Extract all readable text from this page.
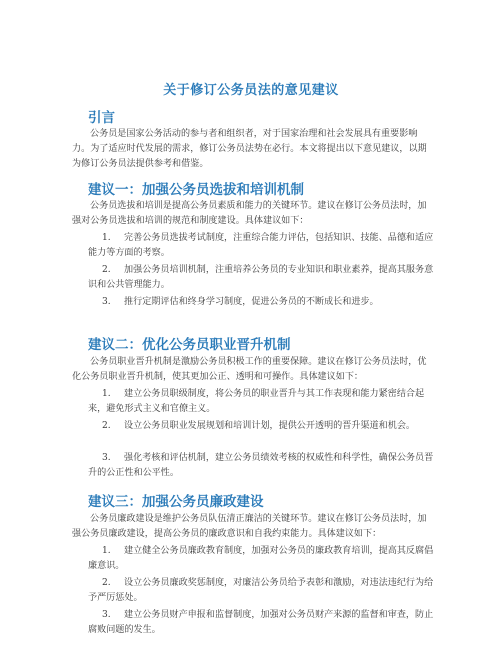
关于修订公务员法的意见建议
引言
公务员是国家公务活动的参与者和组织者，对于国家治理和社会发展具有重要影响力。为了适应时代发展的需求，修订公务员法势在必行。本文将提出以下意见建议，以期为修订公务员法提供参考和借鉴。
建议一：加强公务员选拔和培训机制
公务员选拔和培训是提高公务员素质和能力的关键环节。建议在修订公务员法时，加强对公务员选拔和培训的规范和制度建设。具体建议如下：
1. 完善公务员选拔考试制度，注重综合能力评估，包括知识、技能、品德和适应能力等方面的考察。
2. 加强公务员培训机制，注重培养公务员的专业知识和职业素养，提高其服务意识和公共管理能力。
3. 推行定期评估和终身学习制度，促进公务员的不断成长和进步。
建议二：优化公务员职业晋升机制
公务员职业晋升机制是激励公务员积极工作的重要保障。建议在修订公务员法时，优化公务员职业晋升机制，使其更加公正、透明和可操作。具体建议如下：
1. 建立公务员职级制度，将公务员的职业晋升与其工作表现和能力紧密结合起来，避免形式主义和官僚主义。
2. 设立公务员职业发展规划和培训计划，提供公开透明的晋升渠道和机会。
3. 强化考核和评估机制，建立公务员绩效考核的权威性和科学性，确保公务员晋升的公正性和公平性。
建议三：加强公务员廉政建设
公务员廉政建设是维护公务员队伍清正廉洁的关键环节。建议在修订公务员法时，加强公务员廉政建设，提高公务员的廉政意识和自我约束能力。具体建议如下：
1. 建立健全公务员廉政教育制度，加强对公务员的廉政教育培训，提高其反腐倡廉意识。
2. 设立公务员廉政奖惩制度，对廉洁公务员给予表彰和激励，对违法违纪行为给予严厉惩处。
3. 建立公务员财产申报和监督制度，加强对公务员财产来源的监督和审查，防止腐败问题的发生。
